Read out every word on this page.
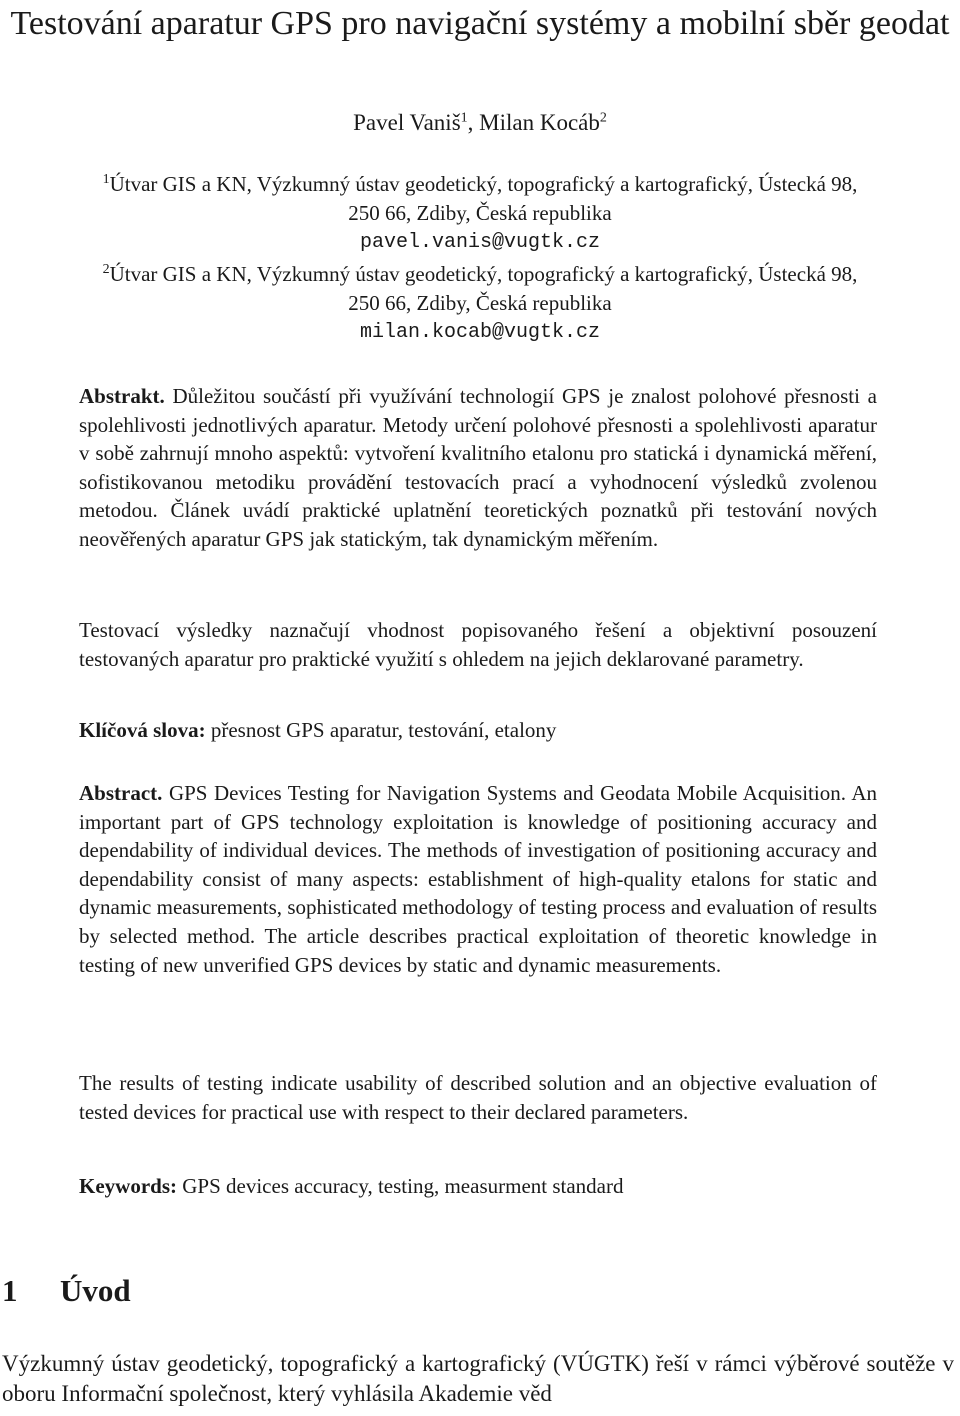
Testování aparatur GPS pro navigační systémy a mobilní sběr geodat
Pavel Vaniš$^1$, Milan Kocáb$^2$
$^1$Útvar GIS a KN, Výzkumný ústav geodetický, topografický a kartografický, Ústecká 98,
250 66, Zdiby, Česká republika
pavel.vanis@vugtk.cz
$^2$Útvar GIS a KN, Výzkumný ústav geodetický, topografický a kartografický, Ústecká 98,
250 66, Zdiby, Česká republika
milan.kocab@vugtk.cz
Abstrakt. Důležitou součástí při využívání technologií GPS je znalost polohové přesnosti a spolehlivosti jednotlivých aparatur. Metody určení polohové přesnosti a spolehlivosti aparatur v sobě zahrnují mnoho aspektů: vytvoření kvalitního etalonu pro statická i dynamická měření, sofistikovanou metodiku provádění testovacích prací a vyhodnocení výsledků zvolenou metodou. Článek uvádí praktické uplatnění teoretických poznatků při testování nových neověřených aparatur GPS jak statickým, tak dynamickým měřením.
Testovací výsledky naznačují vhodnost popisovaného řešení a objektivní posouzení testovaných aparatur pro praktické využití s ohledem na jejich deklarované parametry.
Klíčová slova: přesnost GPS aparatur, testování, etalony
Abstract. GPS Devices Testing for Navigation Systems and Geodata Mobile Acquisition. An important part of GPS technology exploitation is knowledge of positioning accuracy and dependability of individual devices. The methods of investigation of positioning accuracy and dependability consist of many aspects: establishment of high-quality etalons for static and dynamic measurements, sophisticated methodology of testing process and evaluation of results by selected method. The article describes practical exploitation of theoretic knowledge in testing of new unverified GPS devices by static and dynamic measurements.
The results of testing indicate usability of described solution and an objective evaluation of tested devices for practical use with respect to their declared parameters.
Keywords: GPS devices accuracy, testing, measurment standard
1 Úvod
Výzkumný ústav geodetický, topografický a kartografický (VÚGTK) řeší v rámci výběrové soutěže v oboru Informační společnost, který vyhlásila Akademie věd
